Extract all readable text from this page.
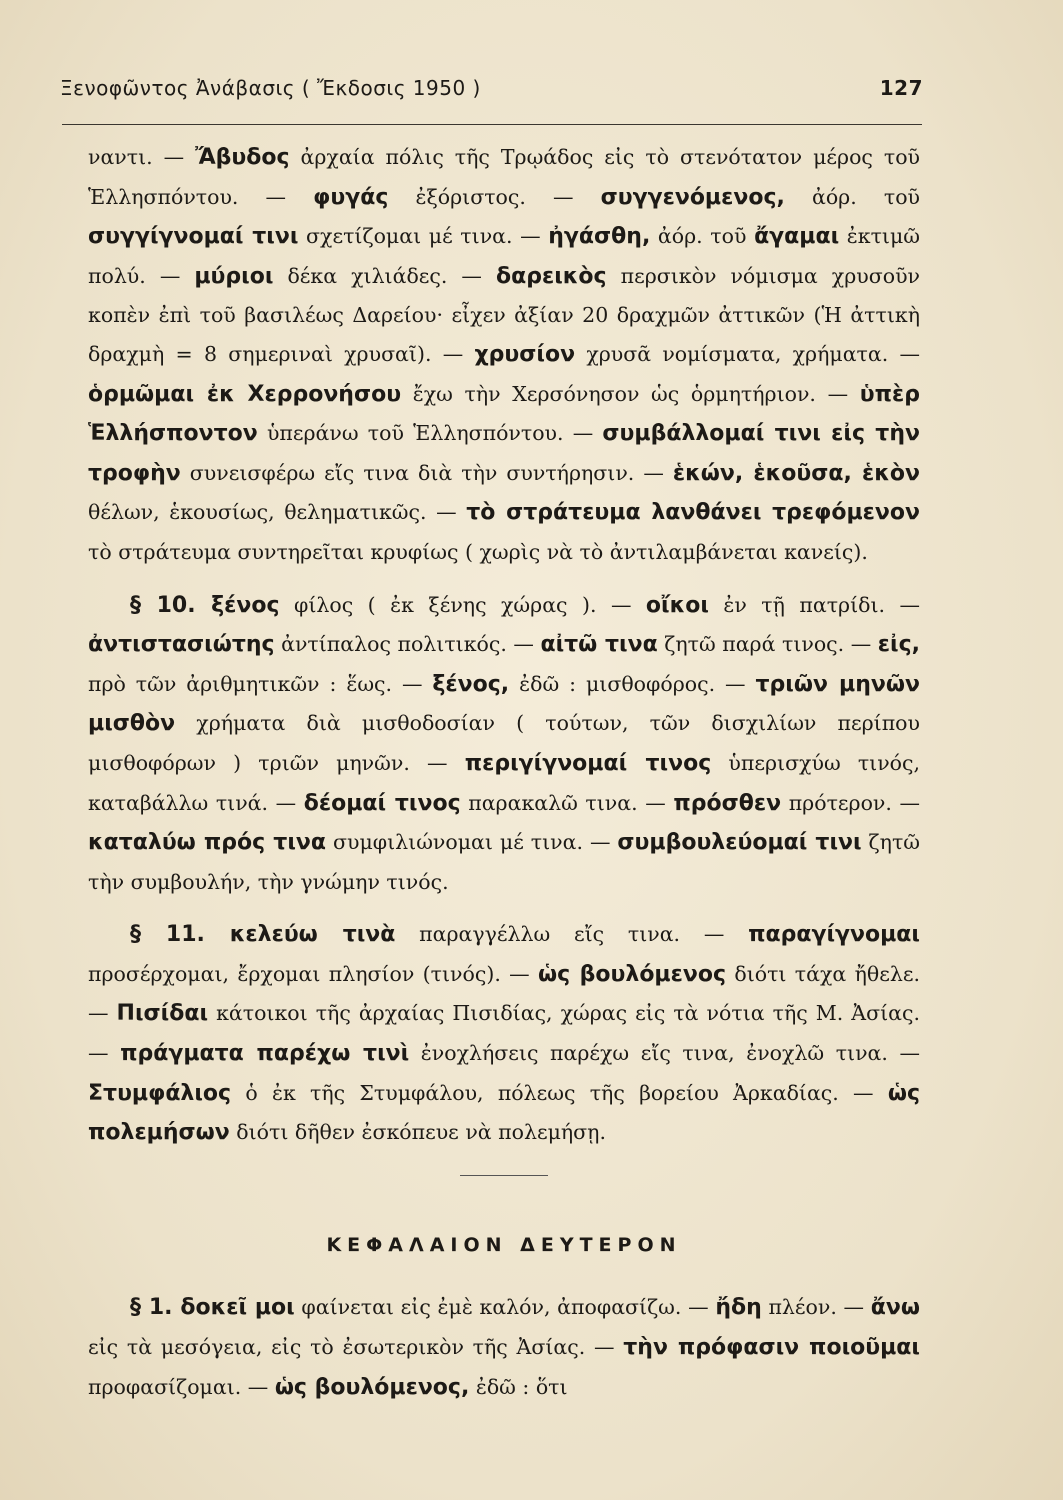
Ξενοφῶντος Ἀνάβασις ( Ἔκδοσις 1950 )	127

ναντι. — Ἄβυδος ἀρχαία πόλις τῆς Τρῳάδος εἰς τὸ στενότατον μέρος τοῦ Ἑλλησπόντου. — φυγάς ἐξόριστος. — συγγενόμενος, ἀόρ. τοῦ συγγίγνομαί τινι σχετίζομαι μέ τινα. — ἠγάσθη, ἀόρ. τοῦ ἄγαμαι ἐκτιμῶ πολύ. — μύριοι δέκα χιλιάδες. — δαρεικὸς περσικὸν νόμισμα χρυσοῦν κοπὲν ἐπὶ τοῦ βασιλέως Δαρείου· εἶχεν ἀξίαν 20 δραχμῶν ἀττικῶν (Ἡ ἀττικὴ δραχμὴ = 8 σημεριναὶ χρυσαῖ). — χρυσίον χρυσᾶ νομίσματα, χρήματα. — ὁρμῶμαι ἐκ Χερρονήσου ἔχω τὴν Χερσόνησον ὡς ὁρμητήριον. — ὑπὲρ Ἑλλήσποντον ὑπεράνω τοῦ Ἑλλησπόντου. — συμβάλλομαί τινι εἰς τὴν τροφὴν συνεισφέρω εἴς τινα διὰ τὴν συντήρησιν. — ἑκών, ἑκοῦσα, ἑκὸν θέλων, ἑκουσίως, θεληματικῶς. — τὸ στράτευμα λανθάνει τρεφόμενον τὸ στράτευμα συντηρεῖται κρυφίως ( χωρὶς νὰ τὸ ἀντιλαμβάνεται κανείς).

§ 10. ξένος φίλος ( ἐκ ξένης χώρας ). — οἴκοι ἐν τῇ πατρίδι. — ἀντιστασιώτης ἀντίπαλος πολιτικός. — αἰτῶ τινα ζητῶ παρά τινος. — εἰς, πρὸ τῶν ἀριθμητικῶν : ἕως. — ξένος, ἐδῶ : μισθοφόρος. — τριῶν μηνῶν μισθὸν χρήματα διὰ μισθοδοσίαν ( τούτων, τῶν δισχιλίων περίπου μισθοφόρων ) τριῶν μηνῶν. — περιγίγνομαί τινος ὑπερισχύω τινός, καταβάλλω τινά. — δέομαί τινος παρακαλῶ τινα. — πρόσθεν πρότερον. — καταλύω πρός τινα συμφιλιώνομαι μέ τινα. — συμβουλεύομαί τινι ζητῶ τὴν συμβουλήν, τὴν γνώμην τινός.

§ 11. κελεύω τινὰ παραγγέλλω εἴς τινα. — παραγίγνομαι προσέρχομαι, ἔρχομαι πλησίον (τινός). — ὡς βουλόμενος διότι τάχα ἤθελε. — Πισίδαι κάτοικοι τῆς ἀρχαίας Πισιδίας, χώρας εἰς τὰ νότια τῆς Μ. Ἀσίας. — πράγματα παρέχω τινὶ ἐνοχλήσεις παρέχω εἴς τινα, ἐνοχλῶ τινα. — Στυμφάλιος ὁ ἐκ τῆς Στυμφάλου, πόλεως τῆς βορείου Ἀρκαδίας. — ὡς πολεμήσων διότι δῆθεν ἐσκόπευε νὰ πολεμήσῃ.

ΚΕΦΑΛΑΙΟΝ ΔΕΥΤΕΡΟΝ

§ 1. δοκεῖ μοι φαίνεται εἰς ἐμὲ καλόν, ἀποφασίζω. — ἤδη πλέον. — ἄνω εἰς τὰ μεσόγεια, εἰς τὸ ἐσωτερικὸν τῆς Ἀσίας. — τὴν πρόφασιν ποιοῦμαι προφασίζομαι. — ὡς βουλόμενος, ἐδῶ : ὅτι
